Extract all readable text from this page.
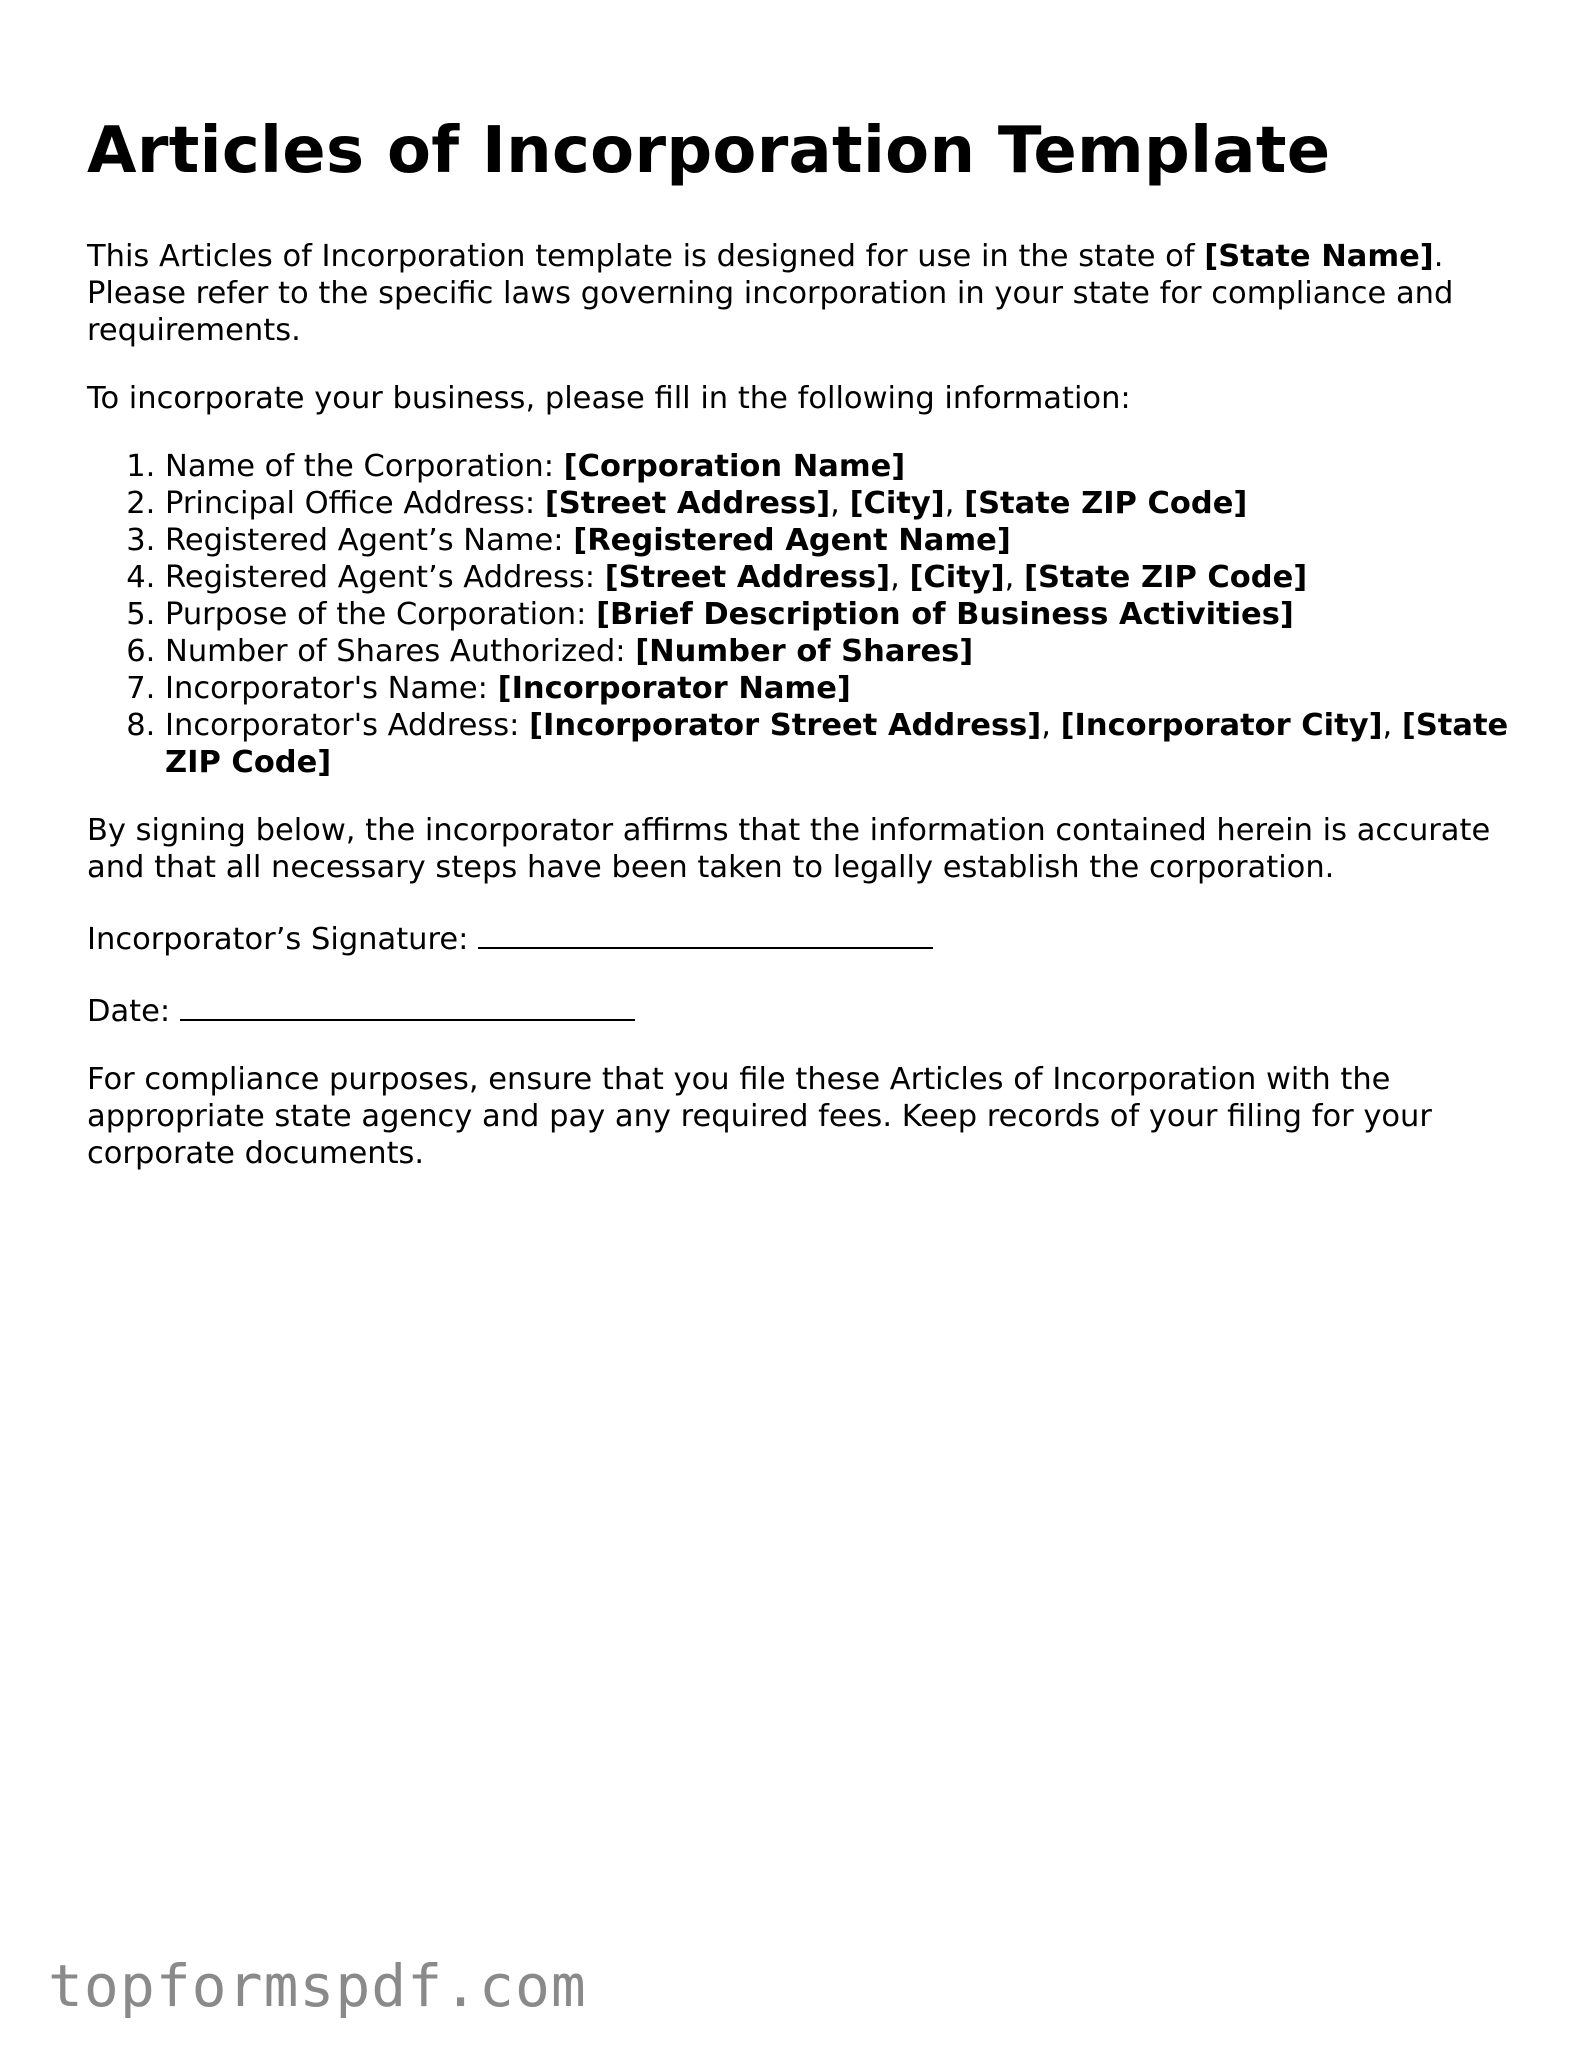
Articles of Incorporation Template

This Articles of Incorporation template is designed for use in the state of [State Name]. Please refer to the specific laws governing incorporation in your state for compliance and requirements.

To incorporate your business, please fill in the following information:

1. Name of the Corporation: [Corporation Name]
2. Principal Office Address: [Street Address], [City], [State ZIP Code]
3. Registered Agent’s Name: [Registered Agent Name]
4. Registered Agent’s Address: [Street Address], [City], [State ZIP Code]
5. Purpose of the Corporation: [Brief Description of Business Activities]
6. Number of Shares Authorized: [Number of Shares]
7. Incorporator's Name: [Incorporator Name]
8. Incorporator's Address: [Incorporator Street Address], [Incorporator City], [State ZIP Code]

By signing below, the incorporator affirms that the information contained herein is accurate and that all necessary steps have been taken to legally establish the corporation.

Incorporator’s Signature:

Date:

For compliance purposes, ensure that you file these Articles of Incorporation with the appropriate state agency and pay any required fees. Keep records of your filing for your corporate documents.

topformspdf.com
